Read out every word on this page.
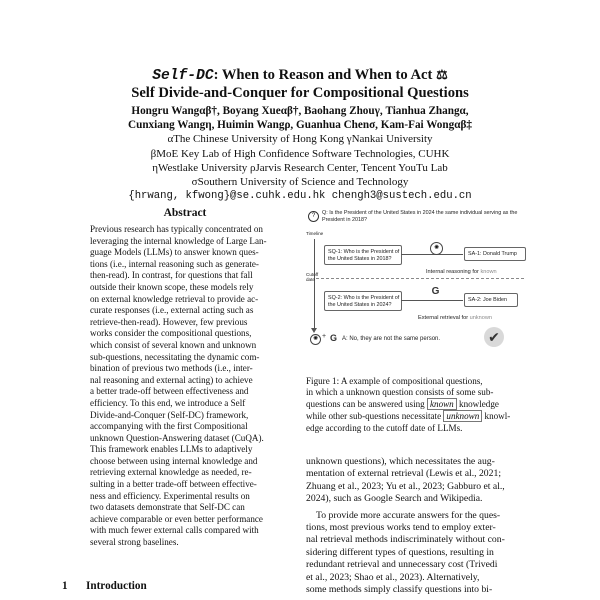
Self-DC: When to Reason and When to Act ⚖
Self Divide-and-Conquer for Compositional Questions
Hongru Wangαβ†, Boyang Xueαβ†, Baohang Zhouγ, Tianhua Zhangα,
Cunxiang Wangη, Huimin Wangρ, Guanhua Chenσ, Kam-Fai Wongαβ‡
αThe Chinese University of Hong Kong γNankai University
βMoE Key Lab of High Confidence Software Technologies, CUHK
ηWestlake University ρJarvis Research Center, Tencent YouTu Lab
σSouthern University of Science and Technology
{hrwang, kfwong}@se.cuhk.edu.hk chengh3@sustech.edu.cn
Abstract
Previous research has typically concentrated on
leveraging the internal knowledge of Large Lan-
guage Models (LLMs) to answer known ques-
tions (i.e., internal reasoning such as generate-
then-read). In contrast, for questions that fall
outside their known scope, these models rely
on external knowledge retrieval to provide ac-
curate responses (i.e., external acting such as
retrieve-then-read). However, few previous
works consider the compositional questions,
which consist of several known and unknown
sub-questions, necessitating the dynamic com-
bination of previous two methods (i.e., inter-
nal reasoning and external acting) to achieve
a better trade-off between effectiveness and
efficiency. To this end, we introduce a Self
Divide-and-Conquer (Self-DC) framework,
accompanying with the first Compositional
unknown Question-Answering dataset (CuQA).
This framework enables LLMs to adaptively
choose between using internal knowledge and
retrieving external knowledge as needed, re-
sulting in a better trade-off between effective-
ness and efficiency. Experimental results on
two datasets demonstrate that Self-DC can
achieve comparable or even better performance
with much fewer external calls compared with
several strong baselines.
1 Introduction
?	Q: Is the President of the United States in 2024 the same individual serving as the President in 2018?
Timeline
Cutoff date
SQ-1: Who is the President of the United States in 2018?
✺
SA-1: Donald Trump
Internal reasoning for known
SQ-2: Who is the President of the United States in 2024?
G
SA-2: Joe Biden
External retrieval for unknown
✺ + G A: No, they are not the same person.	✔
Figure 1: A example of compositional questions,
in which a unknown question consists of some sub-
questions can be answered using known knowledge
while other sub-questions necessitate unknown knowl-
edge according to the cutoff date of LLMs.
unknown questions), which necessitates the aug-
mentation of external retrieval (Lewis et al., 2021;
Zhuang et al., 2023; Yu et al., 2023; Gabburo et al.,
2024), such as Google Search and Wikipedia.
To provide more accurate answers for the ques-
tions, most previous works tend to employ exter-
nal retrieval methods indiscriminately without con-
sidering different types of questions, resulting in
redundant retrieval and unnecessary cost (Trivedi
et al., 2023; Shao et al., 2023). Alternatively,
some methods simply classify questions into bi-
